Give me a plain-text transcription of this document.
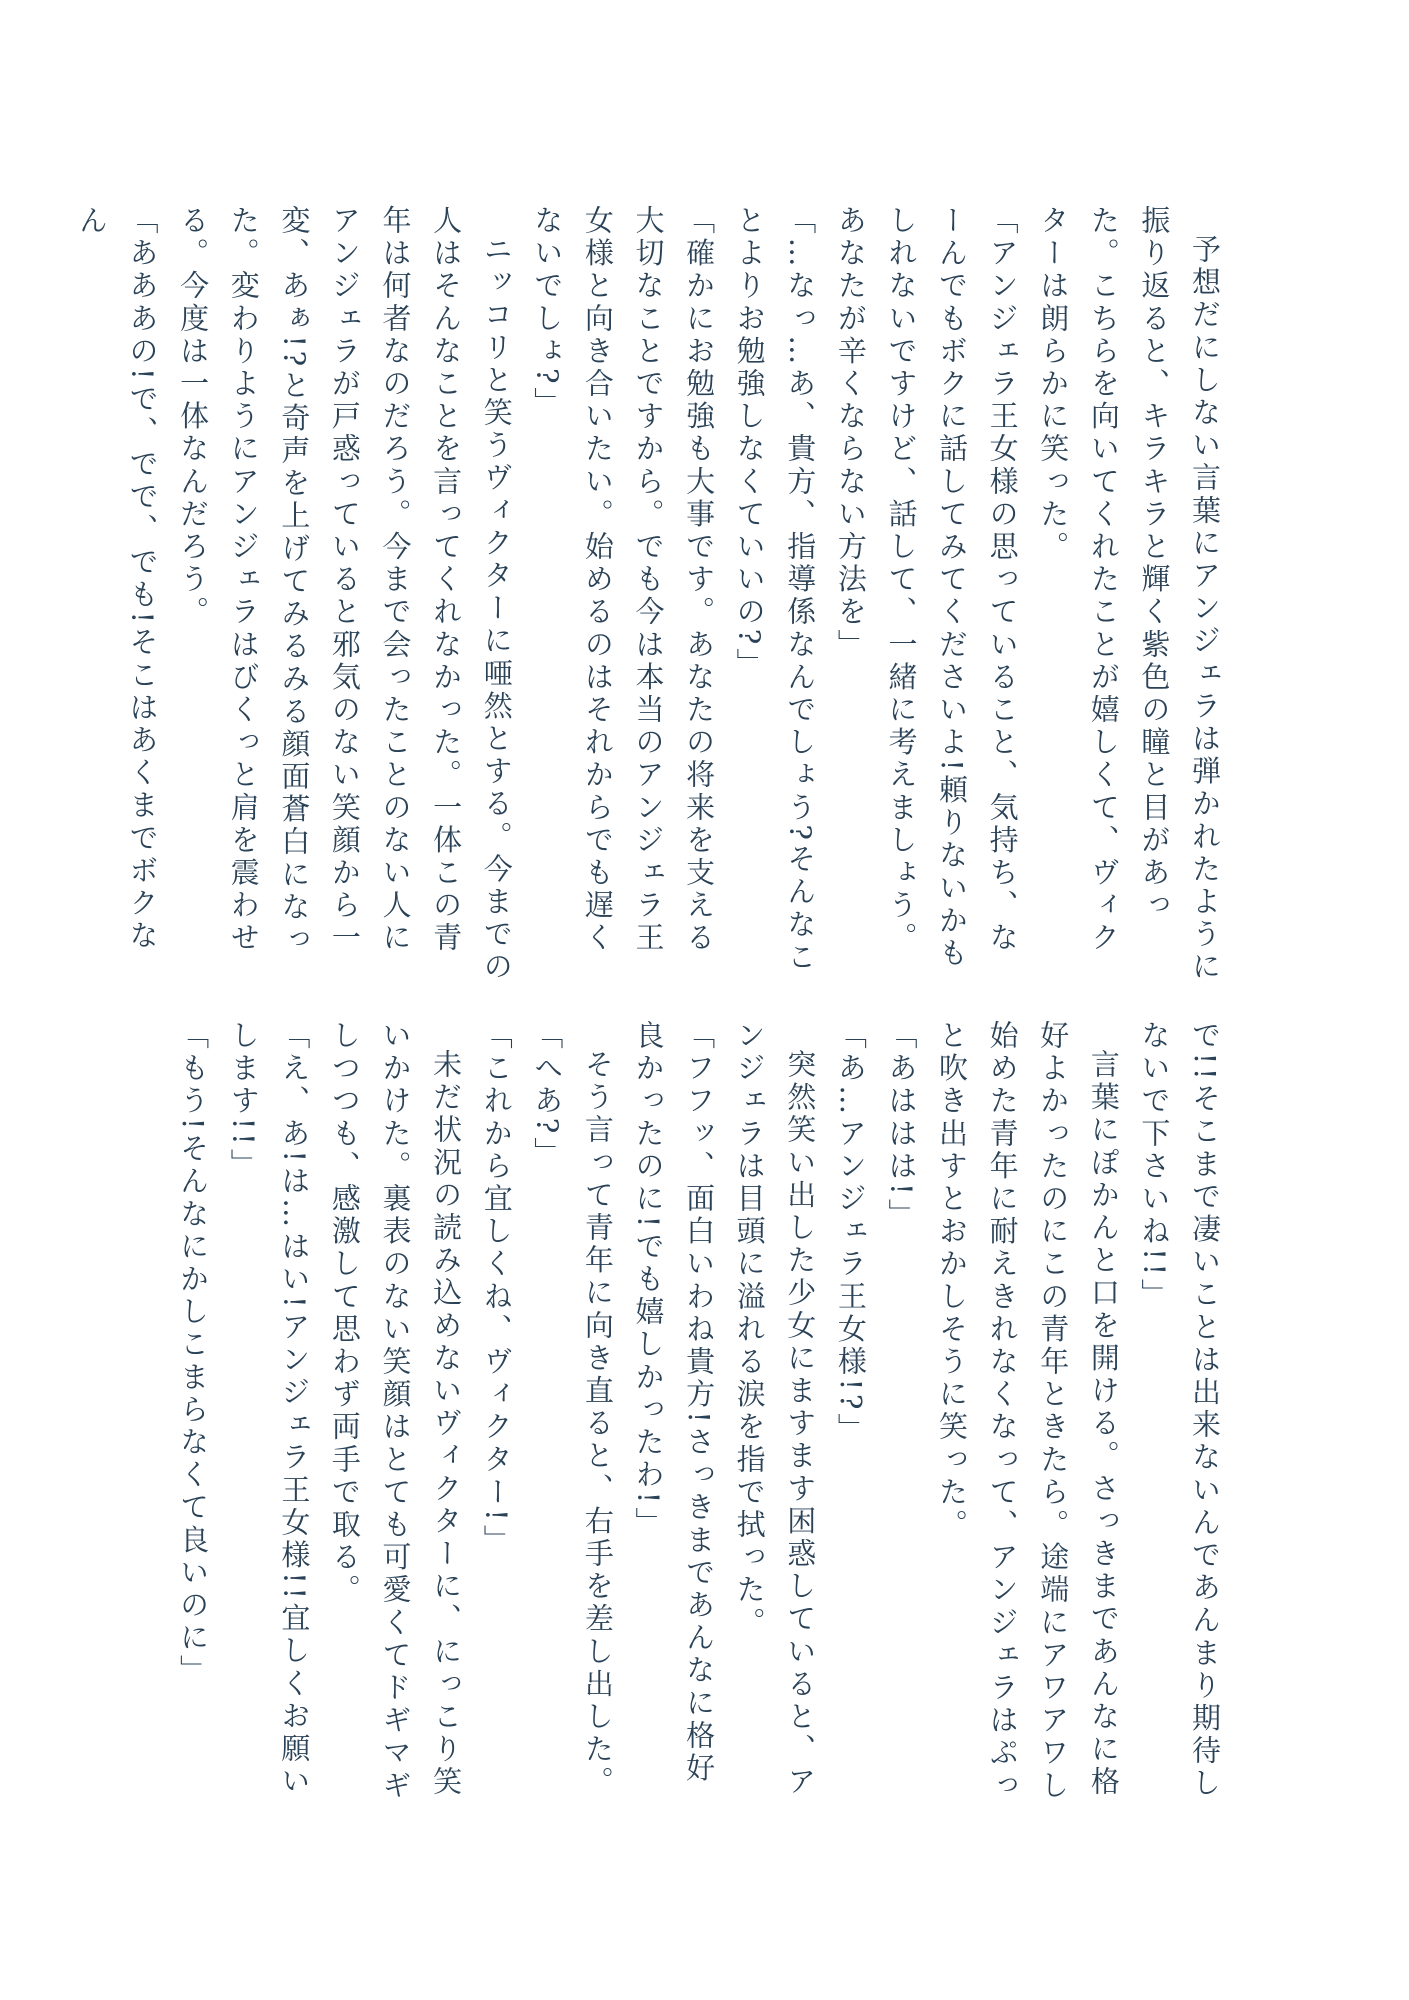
予想だにしない言葉にアンジェラは弾かれたように振り返ると、キラキラと輝く紫色の瞳と目があった。こちらを向いてくれたことが嬉しくて、ヴィクターは朗らかに笑った。

「アンジェラ王女様の思っていること、気持ち、なーんでもボクに話してみてくださいよ!頼りないかもしれないですけど、話して、一緒に考えましょう。あなたが辛くならない方法を」

「…なっ…あ、貴方、指導係なんでしょう?そんなことよりお勉強しなくていいの?」

「確かにお勉強も大事です。あなたの将来を支える大切なことですから。でも今は本当のアンジェラ王女様と向き合いたい。始めるのはそれからでも遅くないでしょ?」

ニッコリと笑うヴィクターに唖然とする。今までの人はそんなことを言ってくれなかった。一体この青年は何者なのだろう。今まで会ったことのない人にアンジェラが戸惑っていると邪気のない笑顔から一変、あぁ!?と奇声を上げてみるみる顔面蒼白になった。変わりようにアンジェラはびくっと肩を震わせる。今度は一体なんだろう。

「あああの!で、でで、でも!そこはあくまでボクなん

で!!そこまで凄いことは出来ないんであんまり期待しないで下さいね!!」

言葉にぽかんと口を開ける。さっきまであんなに格好よかったのにこの青年ときたら。途端にアワアワし始めた青年に耐えきれなくなって、アンジェラはぷっと吹き出すとおかしそうに笑った。

「あははは!」

「あ…アンジェラ王女様!?」

突然笑い出した少女にますます困惑していると、アンジェラは目頭に溢れる涙を指で拭った。

「フフッ、面白いわね貴方!さっきまであんなに格好良かったのに!でも嬉しかったわ!」

そう言って青年に向き直ると、右手を差し出した。

「へあ?」

「これから宜しくね、ヴィクター!」

未だ状況の読み込めないヴィクターに、にっこり笑いかけた。裏表のない笑顔はとても可愛くてドギマギしつつも、感激して思わず両手で取る。

「え、あ!は…はい!アンジェラ王女様!!宜しくお願いします!!」

「もう!そんなにかしこまらなくて良いのに」
